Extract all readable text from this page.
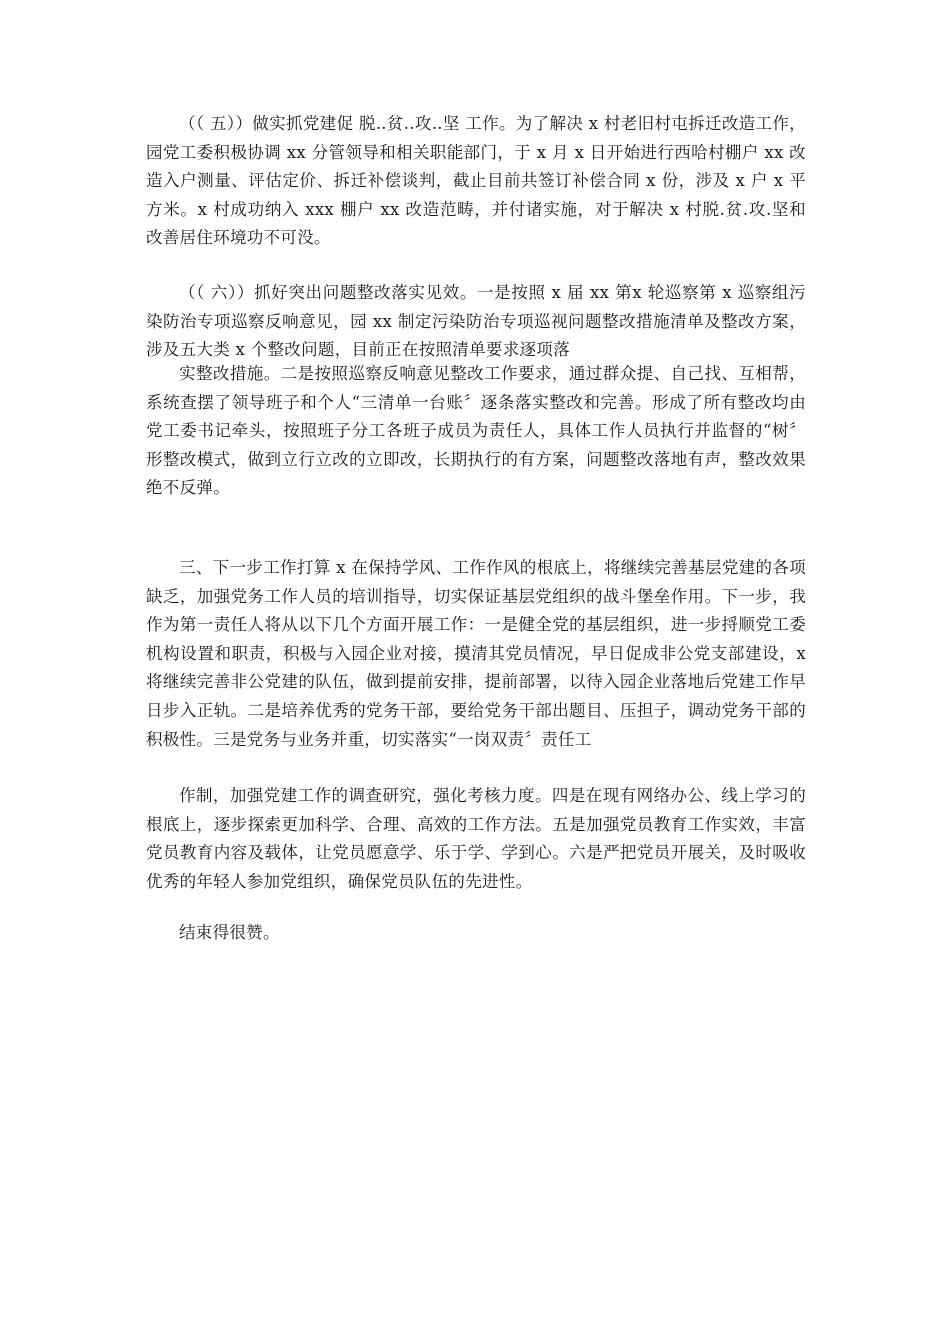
（（ 五））做实抓党建促 脱..贫..攻..坚 工作。为了解决 x 村老旧村屯拆迁改造工作，园党工委积极协调 xx 分管领导和相关职能部门，于 x 月 x 日开始进行西哈村棚户 xx 改造入户测量、评估定价、拆迁补偿谈判，截止目前共签订补偿合同 x 份，涉及 x 户 x 平方米。x 村成功纳入 xxx 棚户 xx 改造范畴，并付诸实施，对于解决 x 村脱.贫.攻.坚和改善居住环境功不可没。

（（ 六））抓好突出问题整改落实见效。一是按照 x 届 xx 第x 轮巡察第 x 巡察组污染防治专项巡察反响意见，园 xx 制定污染防治专项巡视问题整改措施清单及整改方案，涉及五大类 x 个整改问题，目前正在按照清单要求逐项落

实整改措施。二是按照巡察反响意见整改工作要求，通过群众提、自己找、互相帮，系统查摆了领导班子和个人“三清单一台账〞逐条落实整改和完善。形成了所有整改均由党工委书记牵头，按照班子分工各班子成员为责任人，具体工作人员执行并监督的“树〞形整改模式，做到立行立改的立即改，长期执行的有方案，问题整改落地有声，整改效果绝不反弹。

三、下一步工作打算 x 在保持学风、工作作风的根底上，将继续完善基层党建的各项缺乏，加强党务工作人员的培训指导，切实保证基层党组织的战斗堡垒作用。下一步，我作为第一责任人将从以下几个方面开展工作：一是健全党的基层组织，进一步捋顺党工委机构设置和职责，积极与入园企业对接，摸清其党员情况，早日促成非公党支部建设，x 将继续完善非公党建的队伍，做到提前安排，提前部署，以待入园企业落地后党建工作早日步入正轨。二是培养优秀的党务干部，要给党务干部出题目、压担子，调动党务干部的积极性。三是党务与业务并重，切实落实“一岗双责〞责任工

作制，加强党建工作的调查研究，强化考核力度。四是在现有网络办公、线上学习的根底上，逐步探索更加科学、合理、高效的工作方法。五是加强党员教育工作实效，丰富党员教育内容及载体，让党员愿意学、乐于学、学到心。六是严把党员开展关，及时吸收优秀的年轻人参加党组织，确保党员队伍的先进性。

结束得很赞。
